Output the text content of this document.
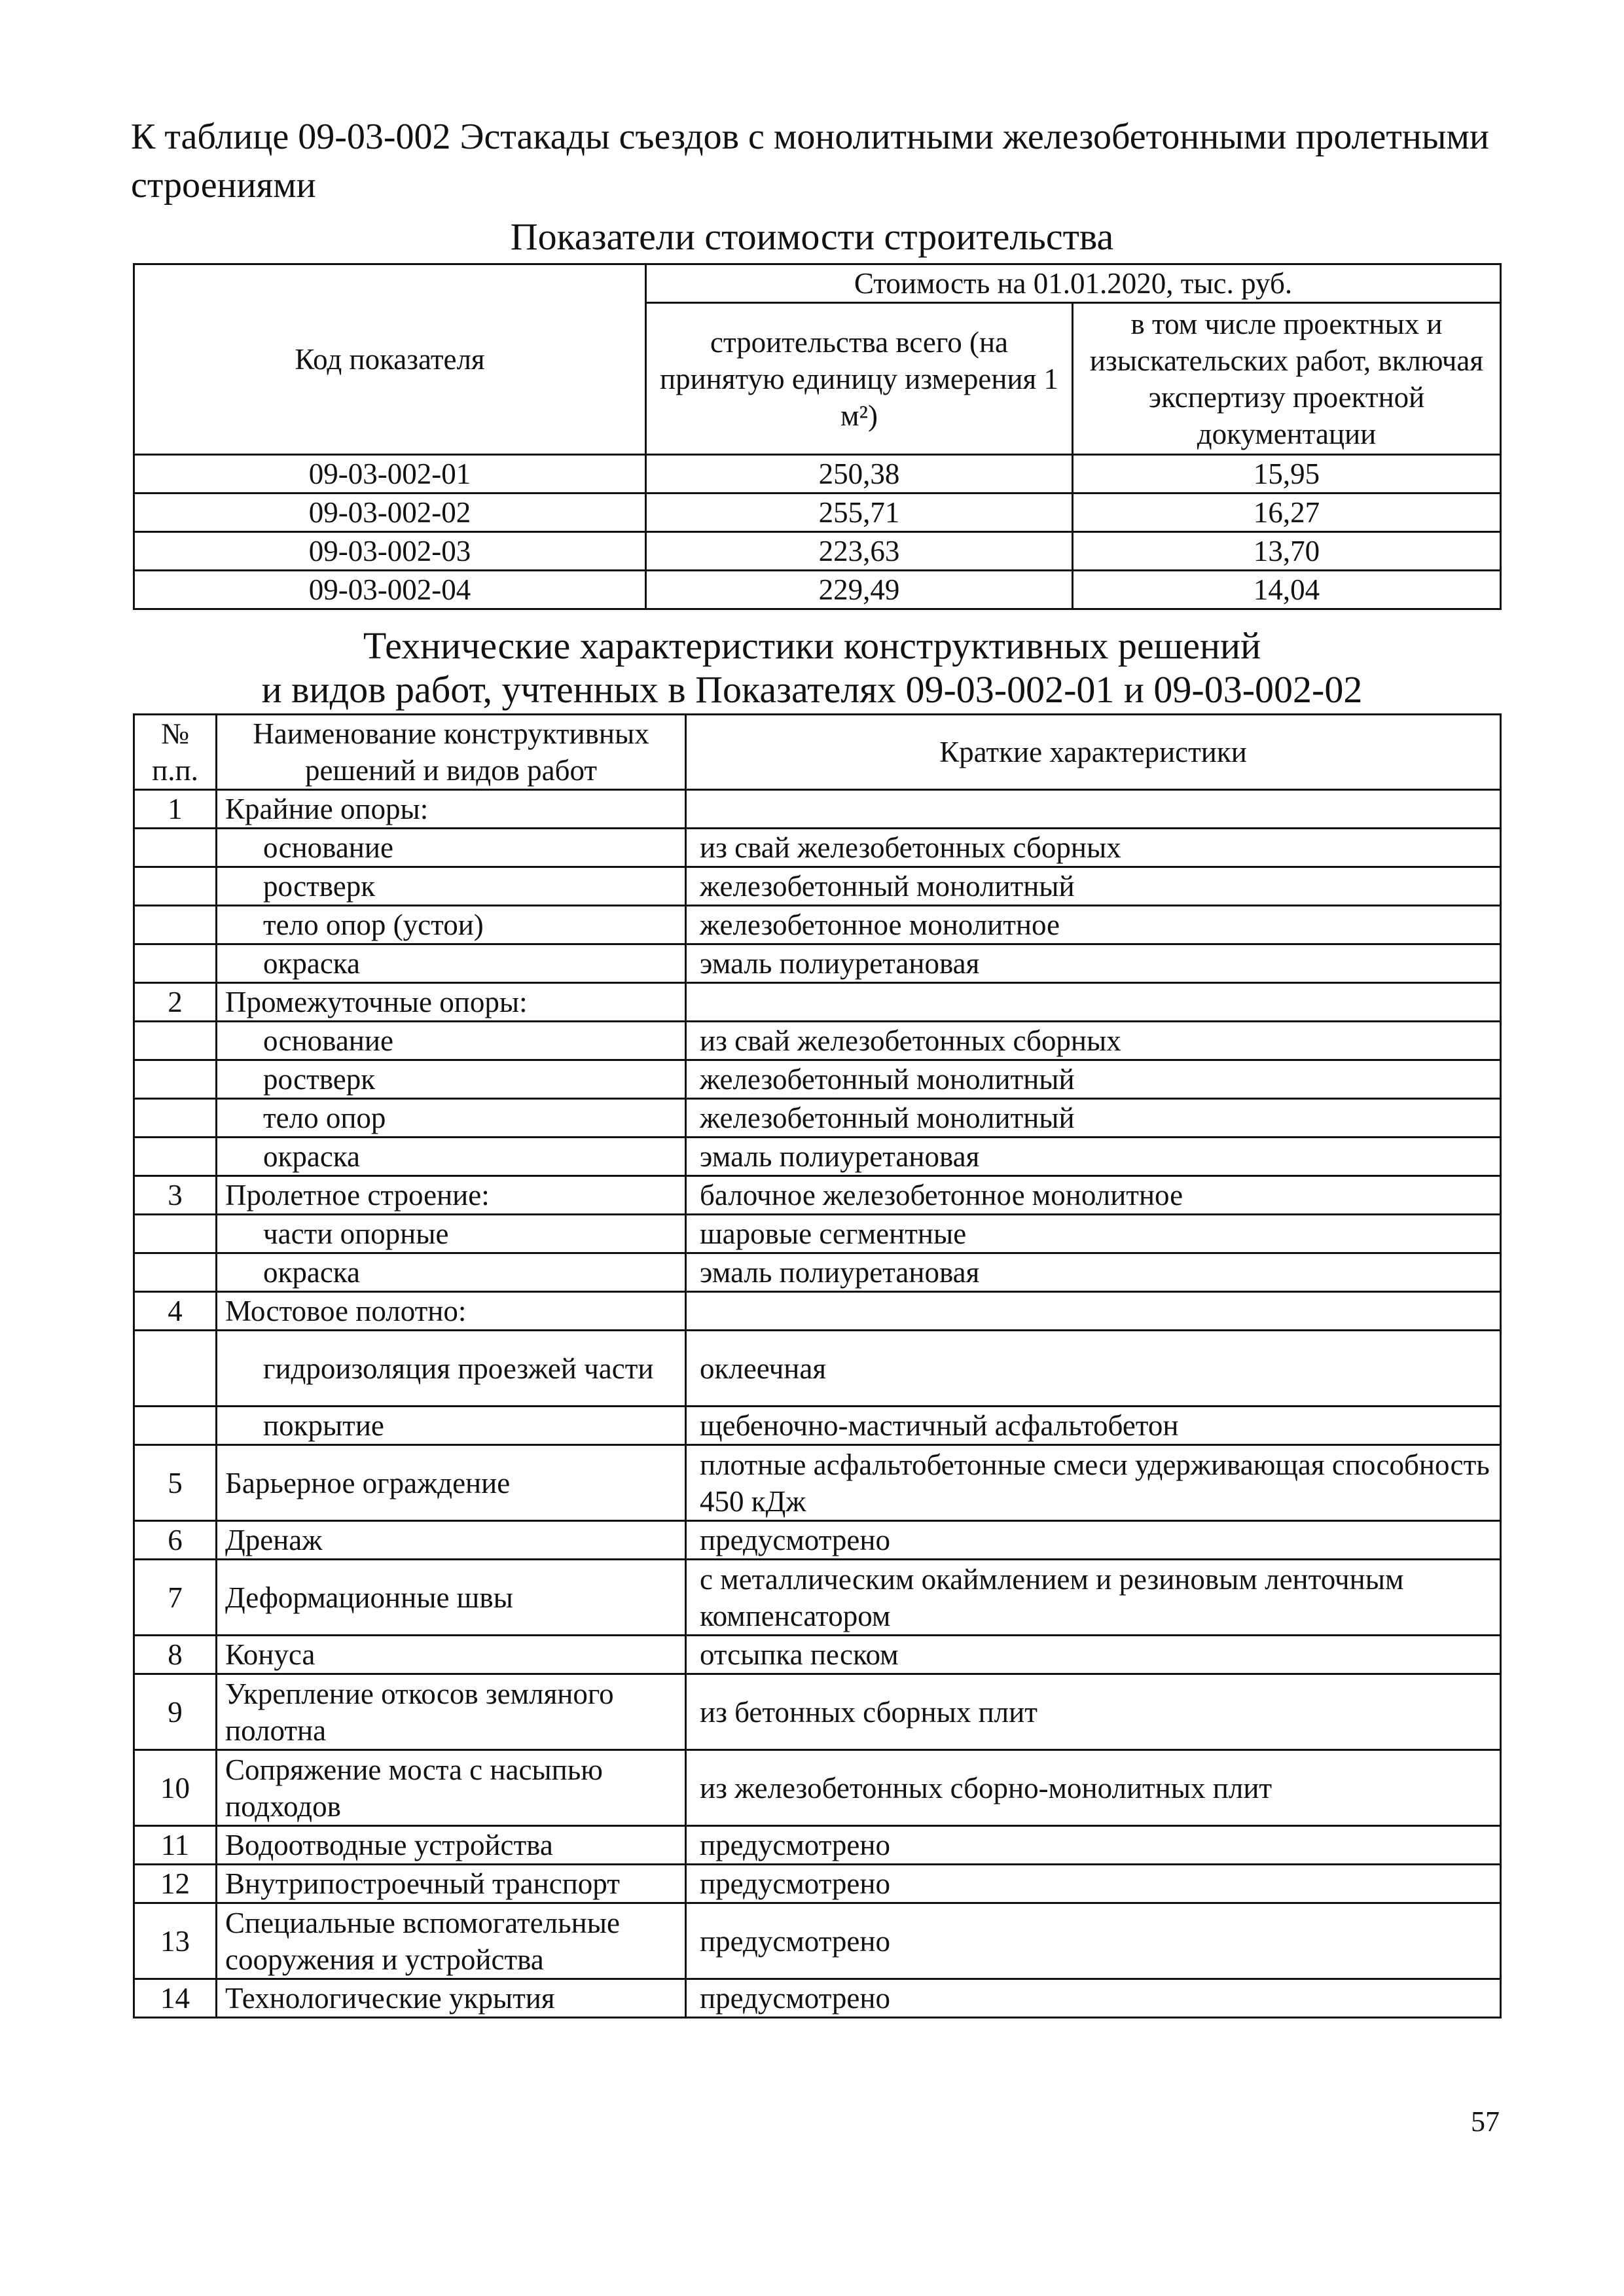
К таблице 09-03-002 Эстакады съездов с монолитными железобетонными пролетными строениями
Показатели стоимости строительства
Код показателя	Стоимость на 01.01.2020, тыс. руб.	
	строительства всего (на принятую единицу измерения 1 м²)	в том числе проектных и изыскательских работ, включая экспертизу проектной документации
09-03-002-01	250,38	15,95
09-03-002-02	255,71	16,27
09-03-002-03	223,63	13,70
09-03-002-04	229,49	14,04
Технические характеристики конструктивных решений
и видов работ, учтенных в Показателях 09-03-002-01 и 09-03-002-02
№ п.п.	Наименование конструктивных решений и видов работ	Краткие характеристики
1	Крайние опоры:	
	основание	из свай железобетонных сборных
	ростверк	железобетонный монолитный
	тело опор (устои)	железобетонное монолитное
	окраска	эмаль полиуретановая
2	Промежуточные опоры:	
	основание	из свай железобетонных сборных
	ростверк	железобетонный монолитный
	тело опор	железобетонный монолитный
	окраска	эмаль полиуретановая
3	Пролетное строение:	балочное железобетонное монолитное
	части опорные	шаровые сегментные
	окраска	эмаль полиуретановая
4	Мостовое полотно:	
	гидроизоляция проезжей части	оклеечная
	покрытие	щебеночно-мастичный асфальтобетон
5	Барьерное ограждение	плотные асфальтобетонные смеси удерживающая способность 450 кДж
6	Дренаж	предусмотрено
7	Деформационные швы	с металлическим окаймлением и резиновым ленточным компенсатором
8	Конуса	отсыпка песком
9	Укрепление откосов земляного полотна	из бетонных сборных плит
10	Сопряжение моста с насыпью подходов	из железобетонных сборно-монолитных плит
11	Водоотводные устройства	предусмотрено
12	Внутрипостроечный транспорт	предусмотрено
13	Специальные вспомогательные сооружения и устройства	предусмотрено
14	Технологические укрытия	предусмотрено
57
